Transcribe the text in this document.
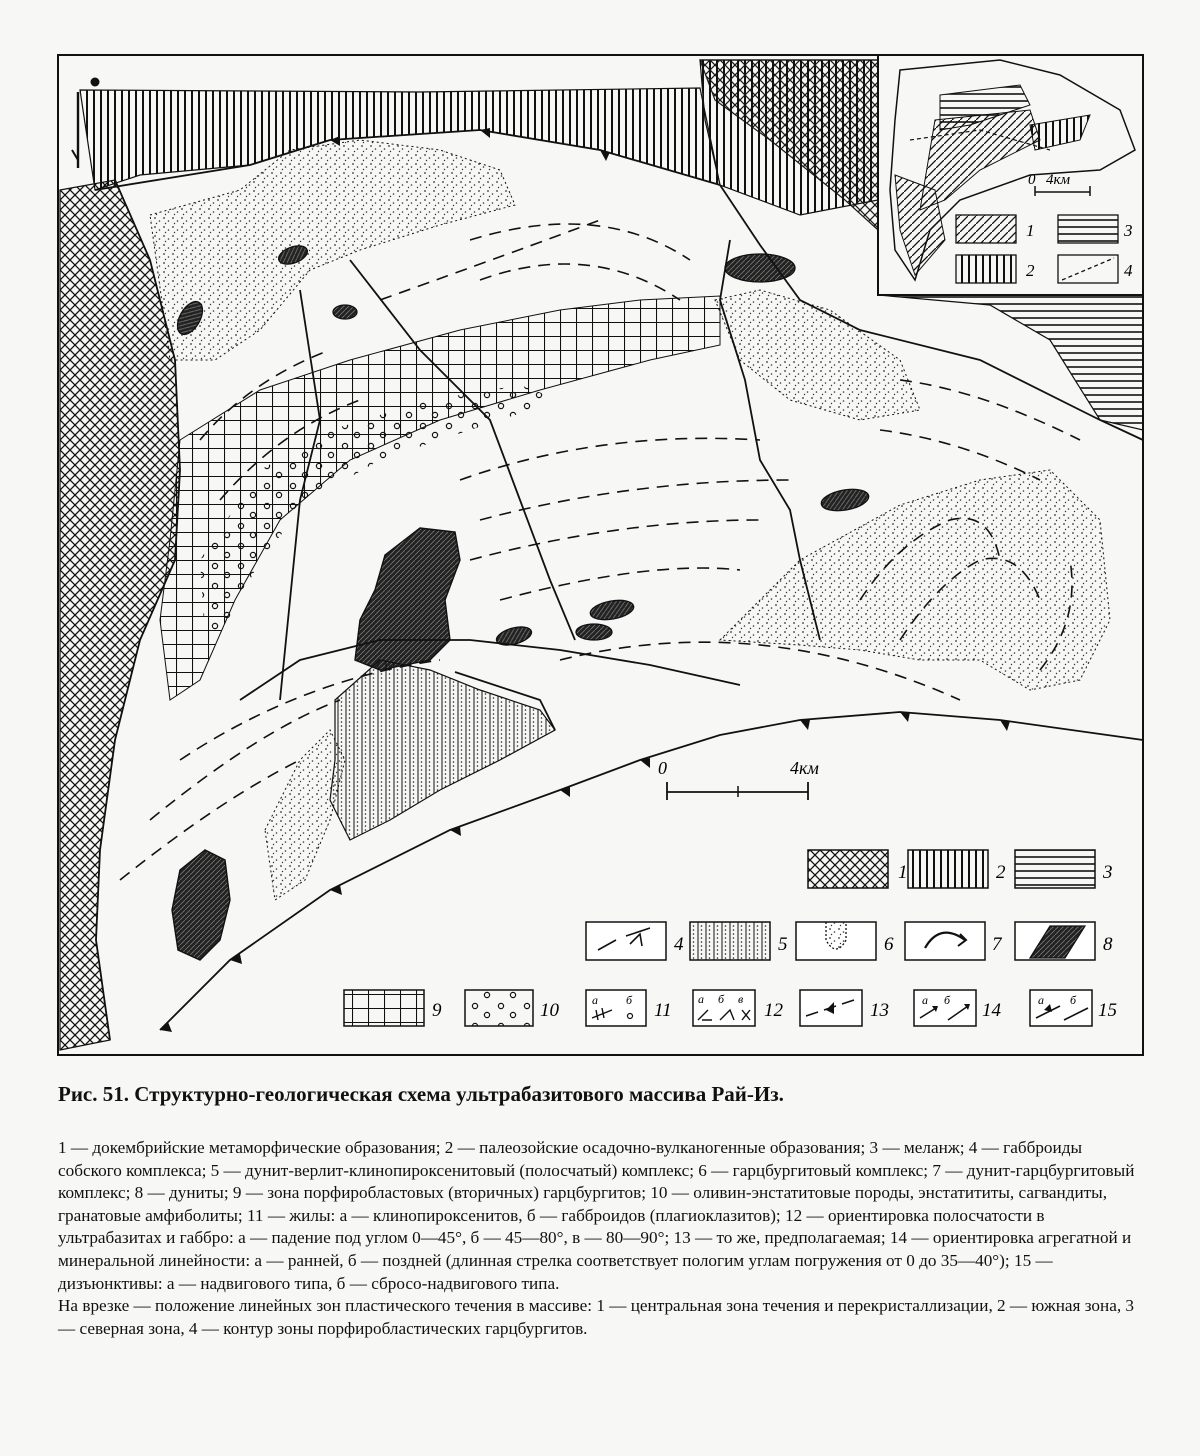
0 4км
1
2
3
4
0	4км
1	2	3
4	5	6	7	8
9	10	а б 11
а б в
12	13	а б 14	а б 15

Рис. 51. Структурно-геологическая схема ультрабазитового массива Рай-Из.

1 — докембрийские метаморфические образования; 2 — палеозойские осадочно-вулканогенные образования; 3 — меланж; 4 — габброиды собского комплекса; 5 — дунит-верлит-клинопироксенитовый (полосчатый) комплекс; 6 — гарцбургитовый комплекс; 7 — дунит-гарцбургитовый комплекс; 8 — дуниты; 9 — зона порфиробластовых (вторичных) гарцбургитов; 10 — оливин-энстатитовые породы, энстатититы, сагвандиты, гранатовые амфиболиты; 11 — жилы: а — клинопироксенитов, б — габброидов (плагиоклазитов); 12 — ориентировка полосчатости в ультрабазитах и габбро: а — падение под углом 0—45°, б — 45—80°, в — 80—90°; 13 — то же, предполагаемая; 14 — ориентировка агрегатной и минеральной линейности: а — ранней, б — поздней (длинная стрелка соответствует пологим углам погружения от 0 до 35—40°); 15 — дизъюнктивы: а — надвигового типа, б — сбросо-надвигового типа.

На врезке — положение линейных зон пластического течения в массиве: 1 — центральная зона течения и перекристаллизации, 2 — южная зона, 3 — северная зона, 4 — контур зоны порфиробластических гарцбургитов.
